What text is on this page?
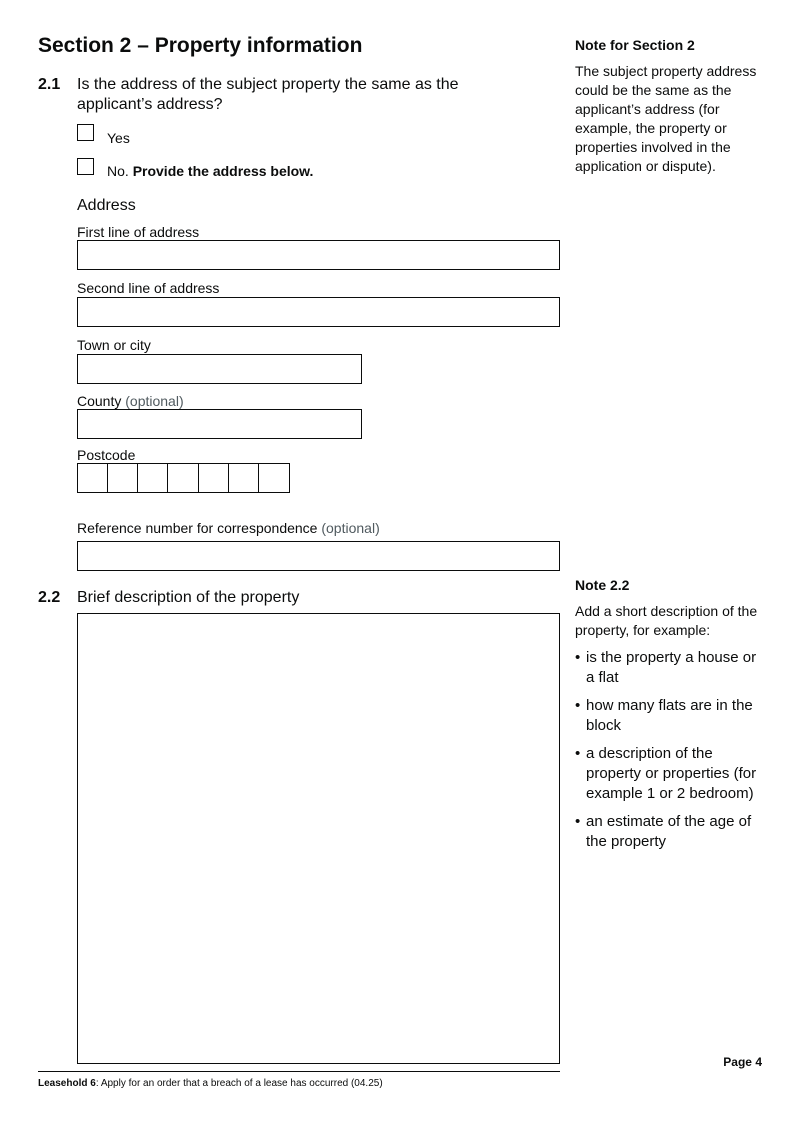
Section 2 – Property information
2.1 Is the address of the subject property the same as the applicant’s address?
Yes
No. Provide the address below.
Address
First line of address
Second line of address
Town or city
County (optional)
Postcode
Reference number for correspondence (optional)
2.2 Brief description of the property
Note for Section 2
The subject property address could be the same as the applicant’s address (for example, the property or properties involved in the application or dispute).
Note 2.2
Add a short description of the property, for example:
• is the property a house or a flat
• how many flats are in the block
• a description of the property or properties (for example 1 or 2 bedroom)
• an estimate of the age of the property
Page 4
Leasehold 6: Apply for an order that a breach of a lease has occurred (04.25)
